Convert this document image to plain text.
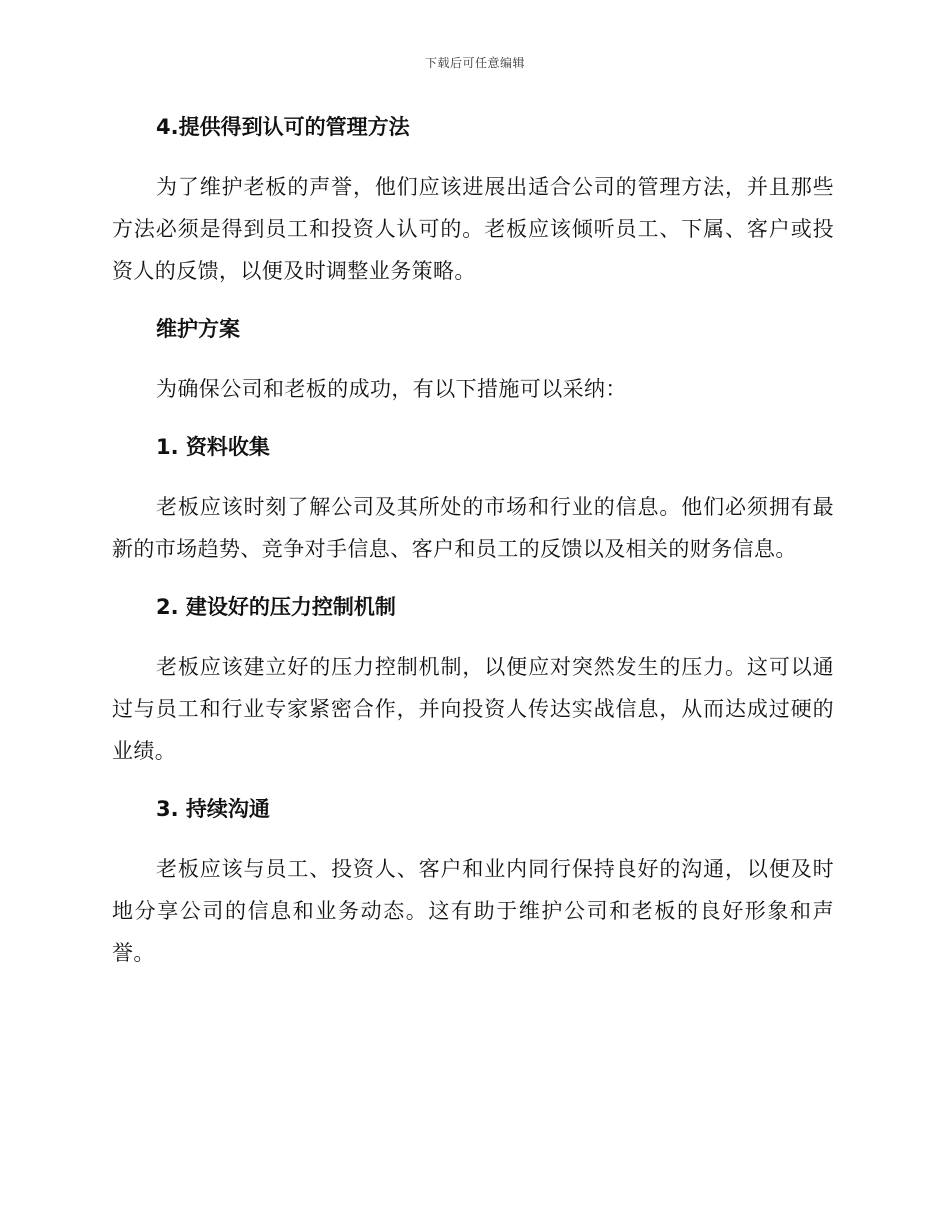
下载后可任意编辑
4.提供得到认可的管理方法

为了维护老板的声誉，他们应该进展出适合公司的管理方法，并且那些方法必须是得到员工和投资人认可的。老板应该倾听员工、下属、客户或投资人的反馈，以便及时调整业务策略。

维护方案

为确保公司和老板的成功，有以下措施可以采纳：

1. 资料收集

老板应该时刻了解公司及其所处的市场和行业的信息。他们必须拥有最新的市场趋势、竞争对手信息、客户和员工的反馈以及相关的财务信息。

2. 建设好的压力控制机制

老板应该建立好的压力控制机制，以便应对突然发生的压力。这可以通过与员工和行业专家紧密合作，并向投资人传达实战信息，从而达成过硬的业绩。

3. 持续沟通

老板应该与员工、投资人、客户和业内同行保持良好的沟通，以便及时地分享公司的信息和业务动态。这有助于维护公司和老板的良好形象和声誉。
